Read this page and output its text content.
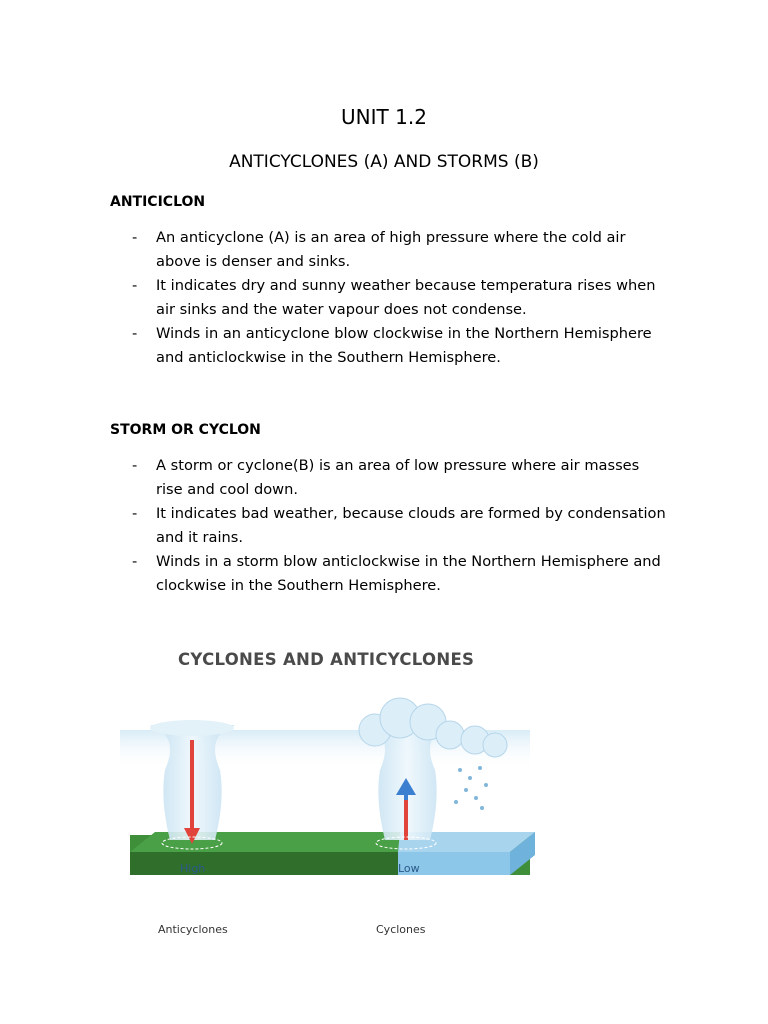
UNIT 1.2
ANTICYCLONES (A) AND STORMS (B)
ANTICICLON
- An anticyclone (A) is an area of high pressure where the cold air above is denser and sinks.
- It indicates dry and sunny weather because temperatura rises when air sinks and the water vapour does not condense.
- Winds in an anticyclone blow clockwise in the Northern Hemisphere and anticlockwise in the Southern Hemisphere.
STORM OR CYCLON
- A storm or cyclone(B) is an area of low pressure where air masses rise and cool down.
- It indicates bad weather, because clouds are formed by condensation and it rains.
- Winds in a storm blow anticlockwise in the Northern Hemisphere and clockwise in the Southern Hemisphere.
CYCLONES AND ANTICYCLONES
High	Low
Anticyclones	Cyclones
